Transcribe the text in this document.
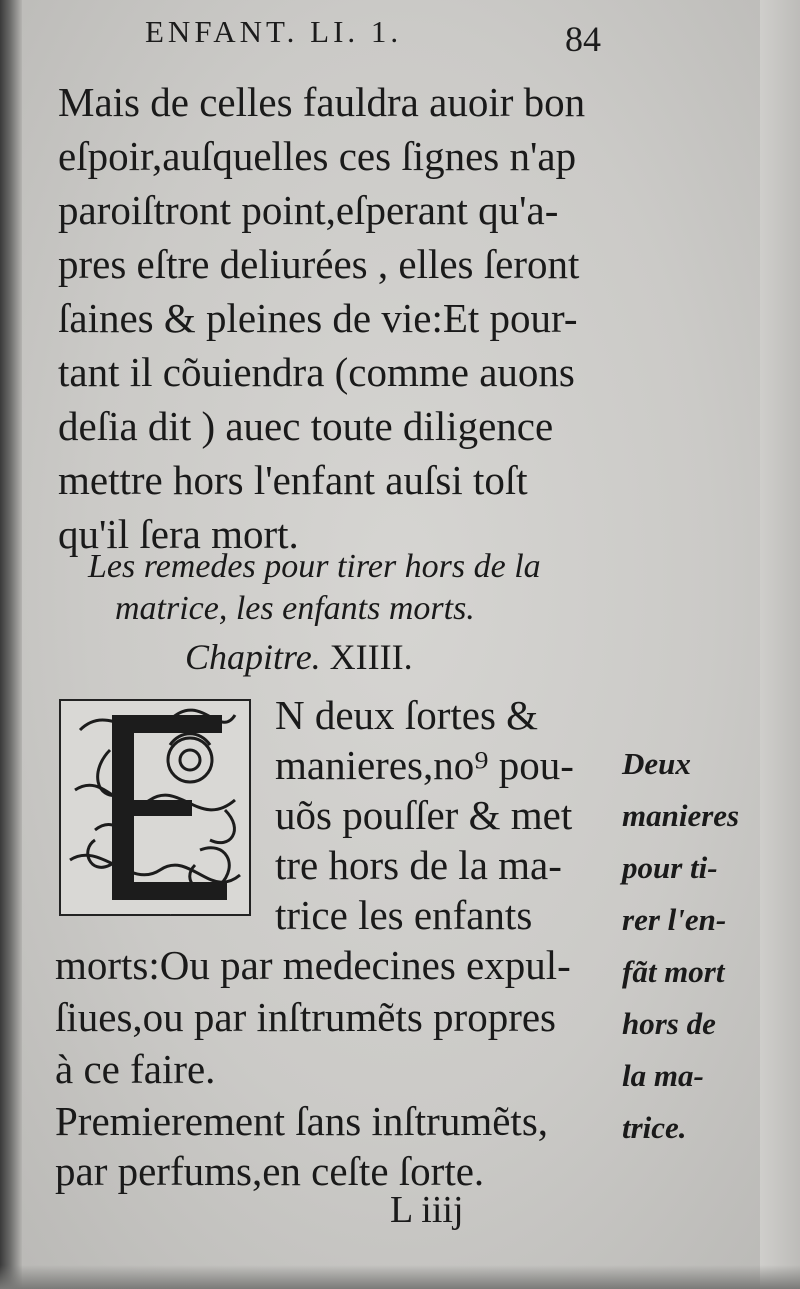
ENFANT. LI. 1.	84
Mais de celles fauldra auoir bon
eſpoir,auſquelles ces ſignes n'ap
paroiſtront point,eſperant qu'a-
pres eſtre deliurées , elles ſeront
ſaines & pleines de vie:Et pour-
tant il cõuiendra (comme auons
deſia dit ) auec toute diligence
mettre hors l'enfant auſsi toſt
qu'il ſera mort.
Les remedes pour tirer hors de la
matrice, les enfants morts.
Chapitre. XIIII.
E
N deux ſortes &
manieres,no⁹ pou-
uõs pouſſer & met
tre hors de la ma-
trice les enfants
morts:Ou par medecines expul-
ſiues,ou par inſtrumẽts propres
à ce faire.
Premierement ſans inſtrumẽts,
par perfums,en ceſte ſorte.
Deux
manieres
pour ti-
rer l'en-
fãt mort
hors de
la ma-
trice.
L iiij
